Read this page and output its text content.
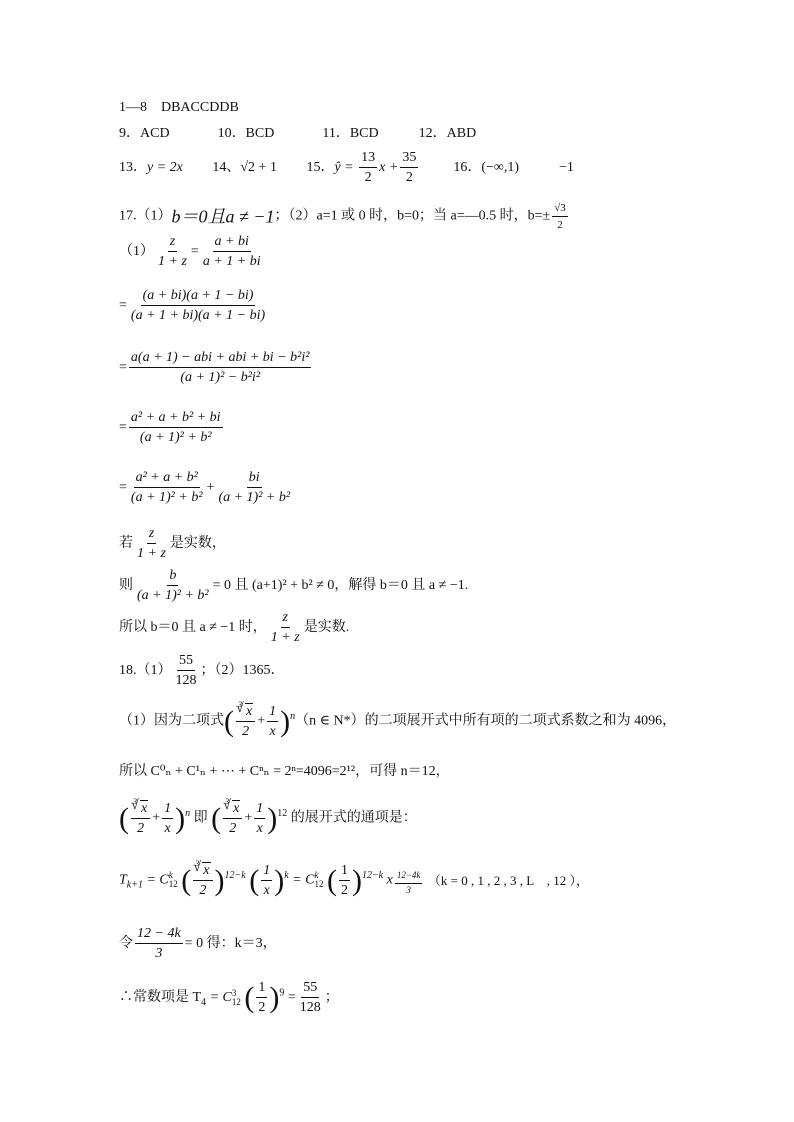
1—8　DBACCDDB
9．ACD	10．BCD	11．BCD	12．ABD
13．y = 2x 14、√2 + 1 15．ŷ = $\frac{13}{2}$ $x + \frac{35}{2}$	16．(−∞,1)	−1
17.（1）b＝0且a ≠ −1；（2）a=1 或 0 时，b=0；当 a=—0.5 时，$b=\pm \frac{√3}{2}$
$(1) \frac{z}{1 + z} = \frac{a + bi}{a + 1 + bi}$
= $\frac{(a + bi)(a + 1 - bi)}{(a + 1 + bi)(a + 1 - bi)}$
= $\frac{\text{a(a + 1) − abi + abi + bi − b²i²}}{\text{(a + 1)² − b²i²}}$
= $\frac{\text{a² + a + b² + bi}}{\text{(a + 1)² + b²}}$
= $\frac{\text{a² + a + b²}}{\text{(a + 1)² + b²}} + \frac{bi}{\text{(a + 1)² + b²}}$
若 $\frac{z}{1 + z}$ 是实数，
则 $\frac{b}{\text{(a + 1)² + b²}} = 0$ 且 (a+1)² + b² ≠ 0，解得 b＝0 且 a ≠ −1.
所以 b＝0 且 a ≠ −1 时， $\frac{z}{1 + z}$ 是实数.
$18.(1) \frac{55}{128}$ ；（2）1365．
（1）因为二项式( 3
√ x
$2 + \frac{1}{x} )^n(n$ ∈ N*）的二项展开式中所有项的二项式系数之和为 4096，
所以 C⁰ₙ + C¹ₙ + ⋯ + Cⁿₙ = 2ⁿ=4096=2¹²，可得 n＝12，
( 3
√ x
$2 + \frac{1}{x} )^n$ 即 ( 3
√ x
$2 + \frac{1}{x} )^{12}$ 的展开式的通项是：
$T_{k+1} = C$ k
12 ( 3
√ x
2 )$^{12-k}$ ( $\frac{1}{x} )^k = C$ k
12 ( $\frac{1}{2} )^{12-k}$ x $\frac{12-4k}{3} (k = 0$ , 1 , 2 , 3 , L　, 12 ），
令 $\frac{12 - 4k}{3} = 0$ 得：k＝3，
∴常数项是 $T_4 = C$ 3
12 ( $\frac{1}{2} )^9 = \frac{55}{128}$ ；
